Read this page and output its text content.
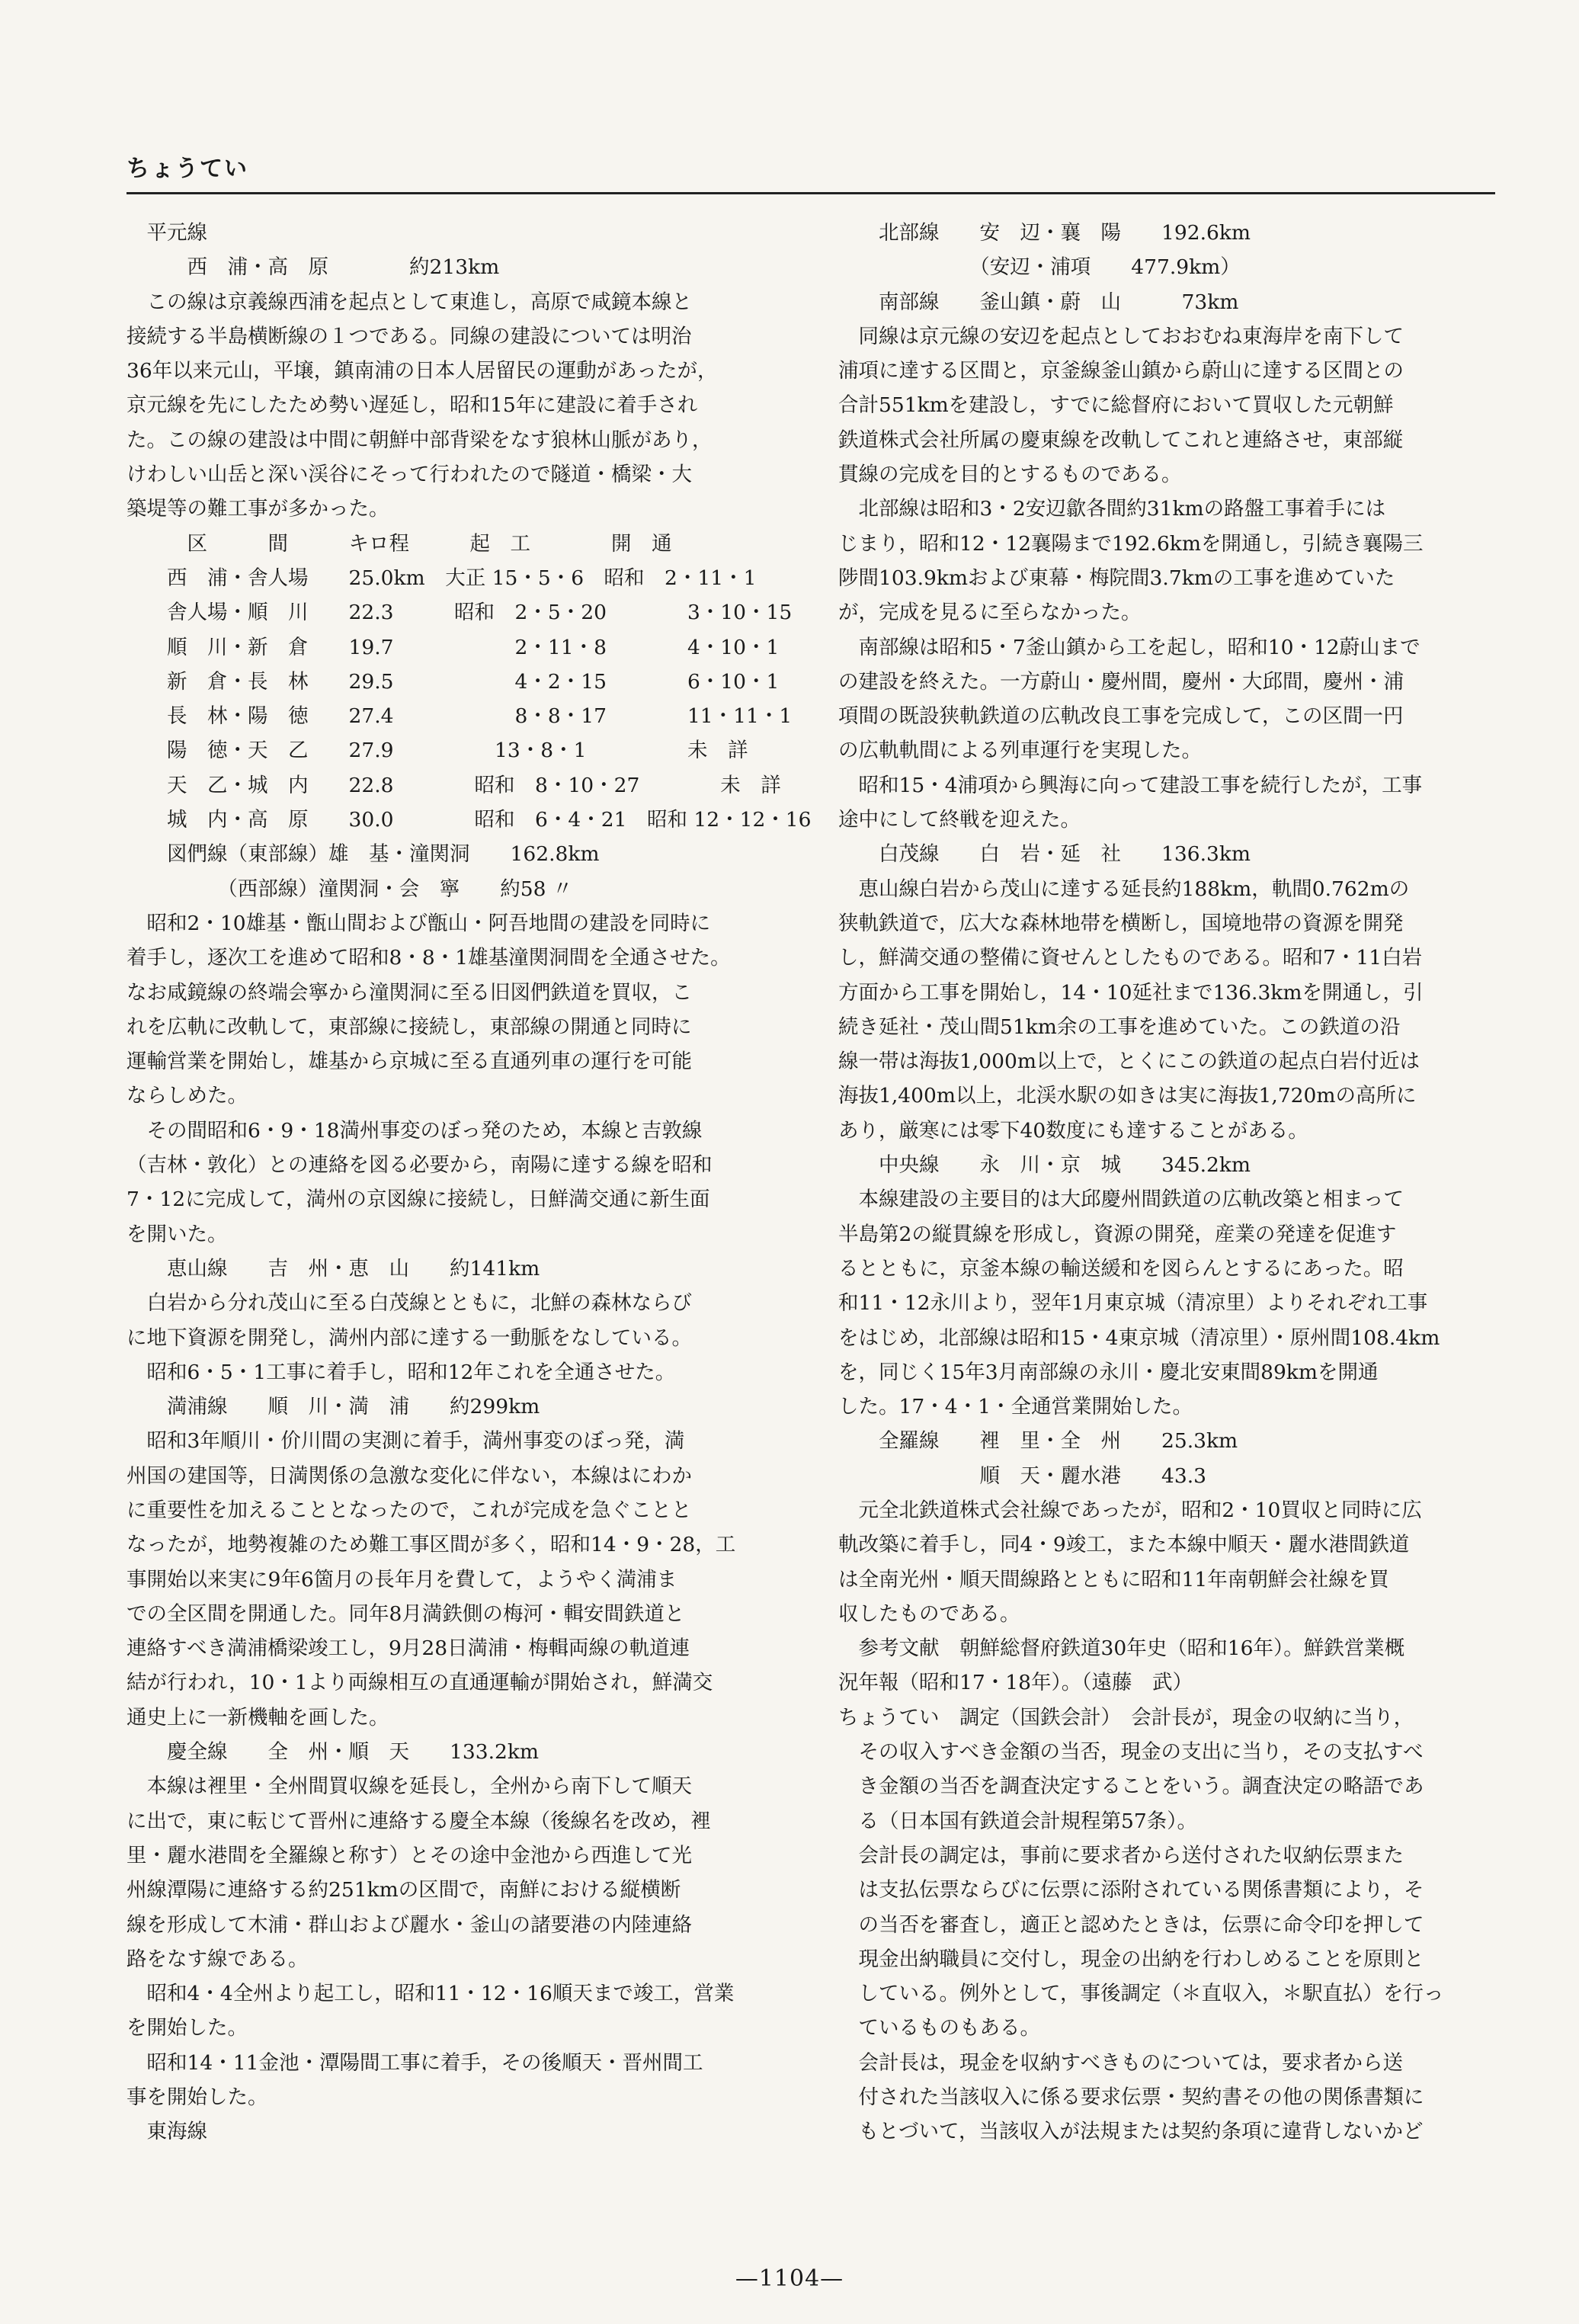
ちょうてい
　平元線
　　　西　浦・高　原　　　　約213km
　この線は京義線西浦を起点として東進し，高原で咸鏡本線と
接続する半島横断線の１つである。同線の建設については明治
36年以来元山，平壌，鎮南浦の日本人居留民の運動があったが，
京元線を先にしたため勢い遅延し，昭和15年に建設に着手され
た。この線の建設は中間に朝鮮中部背梁をなす狼林山脈があり，
けわしい山岳と深い渓谷にそって行われたので隧道・橋梁・大
築堤等の難工事が多かった。
　　　区　　　間　　　キロ程　　　起　工　　　　開　通
　　西　浦・舎人場　　25.0km　大正 15・5・6　昭和　2・11・1
　　舎人場・順　川　　22.3　　　昭和　2・5・20　　　　3・10・15
　　順　川・新　倉　　19.7　　　　　　2・11・8　　　　4・10・1
　　新　倉・長　林　　29.5　　　　　　4・2・15　　　　6・10・1
　　長　林・陽　徳　　27.4　　　　　　8・8・17　　　　11・11・1
　　陽　徳・天　乙　　27.9　　　　　13・8・1　　　　　未　詳
　　天　乙・城　内　　22.8　　　　昭和　8・10・27　　　　未　詳
　　城　内・高　原　　30.0　　　　昭和　6・4・21　昭和 12・12・16
　　図們線（東部線）雄　基・潼関洞　　162.8km
　　　　　（西部線）潼関洞・会　寧　　約58 〃
　昭和2・10雄基・甑山間および甑山・阿吾地間の建設を同時に
着手し，逐次工を進めて昭和8・8・1雄基潼関洞間を全通させた。
なお咸鏡線の終端会寧から潼関洞に至る旧図們鉄道を買収，こ
れを広軌に改軌して，東部線に接続し，東部線の開通と同時に
運輸営業を開始し，雄基から京城に至る直通列車の運行を可能
ならしめた。
　その間昭和6・9・18満州事変のぼっ発のため，本線と吉敦線
（吉林・敦化）との連絡を図る必要から，南陽に達する線を昭和
7・12に完成して，満州の京図線に接続し，日鮮満交通に新生面
を開いた。
　　恵山線　　吉　州・恵　山　　約141km
　白岩から分れ茂山に至る白茂線とともに，北鮮の森林ならび
に地下資源を開発し，満州内部に達する一動脈をなしている。
　昭和6・5・1工事に着手し，昭和12年これを全通させた。
　　満浦線　　順　川・満　浦　　約299km
　昭和3年順川・价川間の実測に着手，満州事変のぼっ発，満
州国の建国等，日満関係の急激な変化に伴ない，本線はにわか
に重要性を加えることとなったので，これが完成を急ぐことと
なったが，地勢複雑のため難工事区間が多く，昭和14・9・28，工
事開始以来実に9年6箇月の長年月を費して，ようやく満浦ま
での全区間を開通した。同年8月満鉄側の梅河・輯安間鉄道と
連絡すべき満浦橋梁竣工し，9月28日満浦・梅輯両線の軌道連
結が行われ，10・1より両線相互の直通運輸が開始され，鮮満交
通史上に一新機軸を画した。
　　慶全線　　全　州・順　天　　133.2km
　本線は裡里・全州間買収線を延長し，全州から南下して順天
に出で，東に転じて晋州に連絡する慶全本線（後線名を改め，裡
里・麗水港間を全羅線と称す）とその途中金池から西進して光
州線潭陽に連絡する約251kmの区間で，南鮮における縦横断
線を形成して木浦・群山および麗水・釜山の諸要港の内陸連絡
路をなす線である。
　昭和4・4全州より起工し，昭和11・12・16順天まで竣工，営業
を開始した。
　昭和14・11金池・潭陽間工事に着手，その後順天・晋州間工
事を開始した。
　東海線
　　北部線　　安　辺・襄　陽　　192.6km
　　　　　　　（安辺・浦項　　477.9km）
　　南部線　　釜山鎮・蔚　山　　　73km
　同線は京元線の安辺を起点としておおむね東海岸を南下して
浦項に達する区間と，京釜線釜山鎮から蔚山に達する区間との
合計551kmを建設し，すでに総督府において買収した元朝鮮
鉄道株式会社所属の慶東線を改軌してこれと連絡させ，東部縦
貫線の完成を目的とするものである。
　北部線は昭和3・2安辺歙各間約31kmの路盤工事着手には
じまり，昭和12・12襄陽まで192.6kmを開通し，引続き襄陽三
陟間103.9kmおよび東幕・梅院間3.7kmの工事を進めていた
が，完成を見るに至らなかった。
　南部線は昭和5・7釜山鎮から工を起し，昭和10・12蔚山まで
の建設を終えた。一方蔚山・慶州間，慶州・大邱間，慶州・浦
項間の既設狭軌鉄道の広軌改良工事を完成して，この区間一円
の広軌軌間による列車運行を実現した。
　昭和15・4浦項から興海に向って建設工事を続行したが，工事
途中にして終戦を迎えた。
　　白茂線　　白　岩・延　社　　136.3km
　恵山線白岩から茂山に達する延長約188km，軌間0.762mの
狭軌鉄道で，広大な森林地帯を横断し，国境地帯の資源を開発
し，鮮満交通の整備に資せんとしたものである。昭和7・11白岩
方面から工事を開始し，14・10延社まで136.3kmを開通し，引
続き延社・茂山間51km余の工事を進めていた。この鉄道の沿
線一帯は海抜1,000m以上で，とくにこの鉄道の起点白岩付近は
海抜1,400m以上，北渓水駅の如きは実に海抜1,720mの高所に
あり，厳寒には零下40数度にも達することがある。
　　中央線　　永　川・京　城　　345.2km
　本線建設の主要目的は大邱慶州間鉄道の広軌改築と相まって
半島第2の縦貫線を形成し，資源の開発，産業の発達を促進す
るとともに，京釜本線の輸送緩和を図らんとするにあった。昭
和11・12永川より，翌年1月東京城（清凉里）よりそれぞれ工事
をはじめ，北部線は昭和15・4東京城（清凉里）・原州間108.4km
を，同じく15年3月南部線の永川・慶北安東間89kmを開通
した。17・4・1・全通営業開始した。
　　全羅線　　裡　里・全　州　　25.3km
　　　　　　　順　天・麗水港　　43.3
　元全北鉄道株式会社線であったが，昭和2・10買収と同時に広
軌改築に着手し，同4・9竣工，また本線中順天・麗水港間鉄道
は全南光州・順天間線路とともに昭和11年南朝鮮会社線を買
収したものである。
　参考文献　朝鮮総督府鉄道30年史（昭和16年）。鮮鉄営業概
況年報（昭和17・18年）。（遠藤　武）
ちょうてい　調定（国鉄会計）　会計長が，現金の収納に当り，
　その収入すべき金額の当否，現金の支出に当り，その支払すべ
　き金額の当否を調査決定することをいう。調査決定の略語であ
　る（日本国有鉄道会計規程第57条）。
　会計長の調定は，事前に要求者から送付された収納伝票また
　は支払伝票ならびに伝票に添附されている関係書類により，そ
　の当否を審査し，適正と認めたときは，伝票に命令印を押して
　現金出納職員に交付し，現金の出納を行わしめることを原則と
　している。例外として，事後調定（＊直収入，＊駅直払）を行っ
　ているものもある。
　会計長は，現金を収納すべきものについては，要求者から送
　付された当該収入に係る要求伝票・契約書その他の関係書類に
　もとづいて，当該収入が法規または契約条項に違背しないかど
—1104—
